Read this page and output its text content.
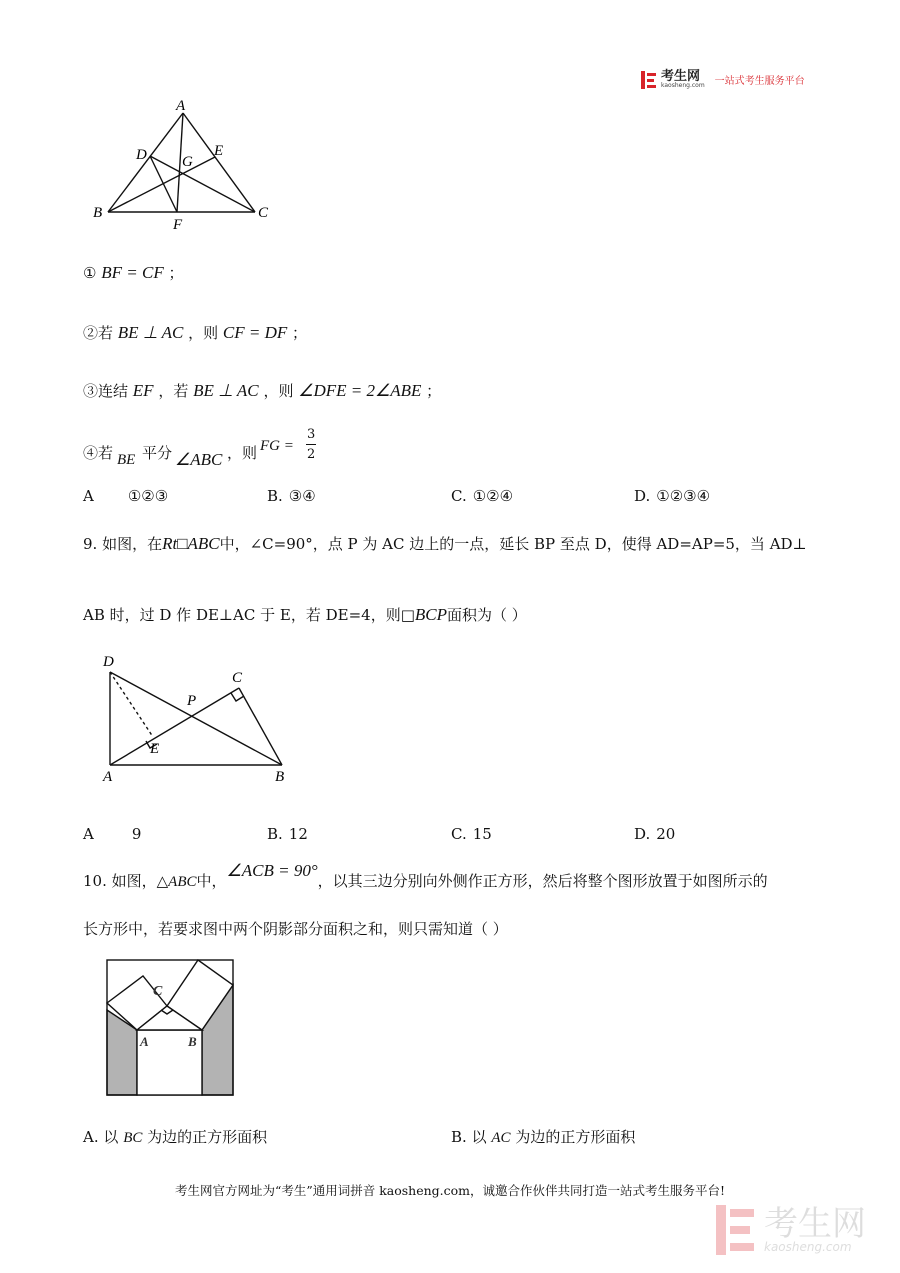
考生网
kaosheng.com 一站式考生服务平台
A
B	C
D	E
F
G
① BF = CF ；
②若 BE ⊥ AC ，则 CF = DF ；
③连结 EF ，若 BE ⊥ AC ，则 ∠DFE = 2∠ABE ；
④若 BE 平分 ∠ABC ，则 FG =
3
2
A ①②③	B. ③④	C. ①②④	D. ①②③④
9. 如图，在Rt□ABC中，∠C=90°，点 P 为 AC 边上的一点，延长 BP 至点 D，使得 AD=AP=5，当 AD⊥
AB 时，过 D 作 DE⊥AC 于 E，若 DE=4，则□BCP面积为（ ）
D
C
P
E
A	B
A	9	B. 12	C. 15	D. 20
10. 如图，△ABC中，∠ACB = 90°，以其三边分别向外侧作正方形，然后将整个图形放置于如图所示的
长方形中，若要求图中两个阴影部分面积之和，则只需知道（ ）
C
A	B
A. 以 BC 为边的正方形面积	B. 以 AC 为边的正方形面积
考生网官方网址为“考生”通用词拼音 kaosheng.com，诚邀合作伙伴共同打造一站式考生服务平台!
考生网
kaosheng.com
